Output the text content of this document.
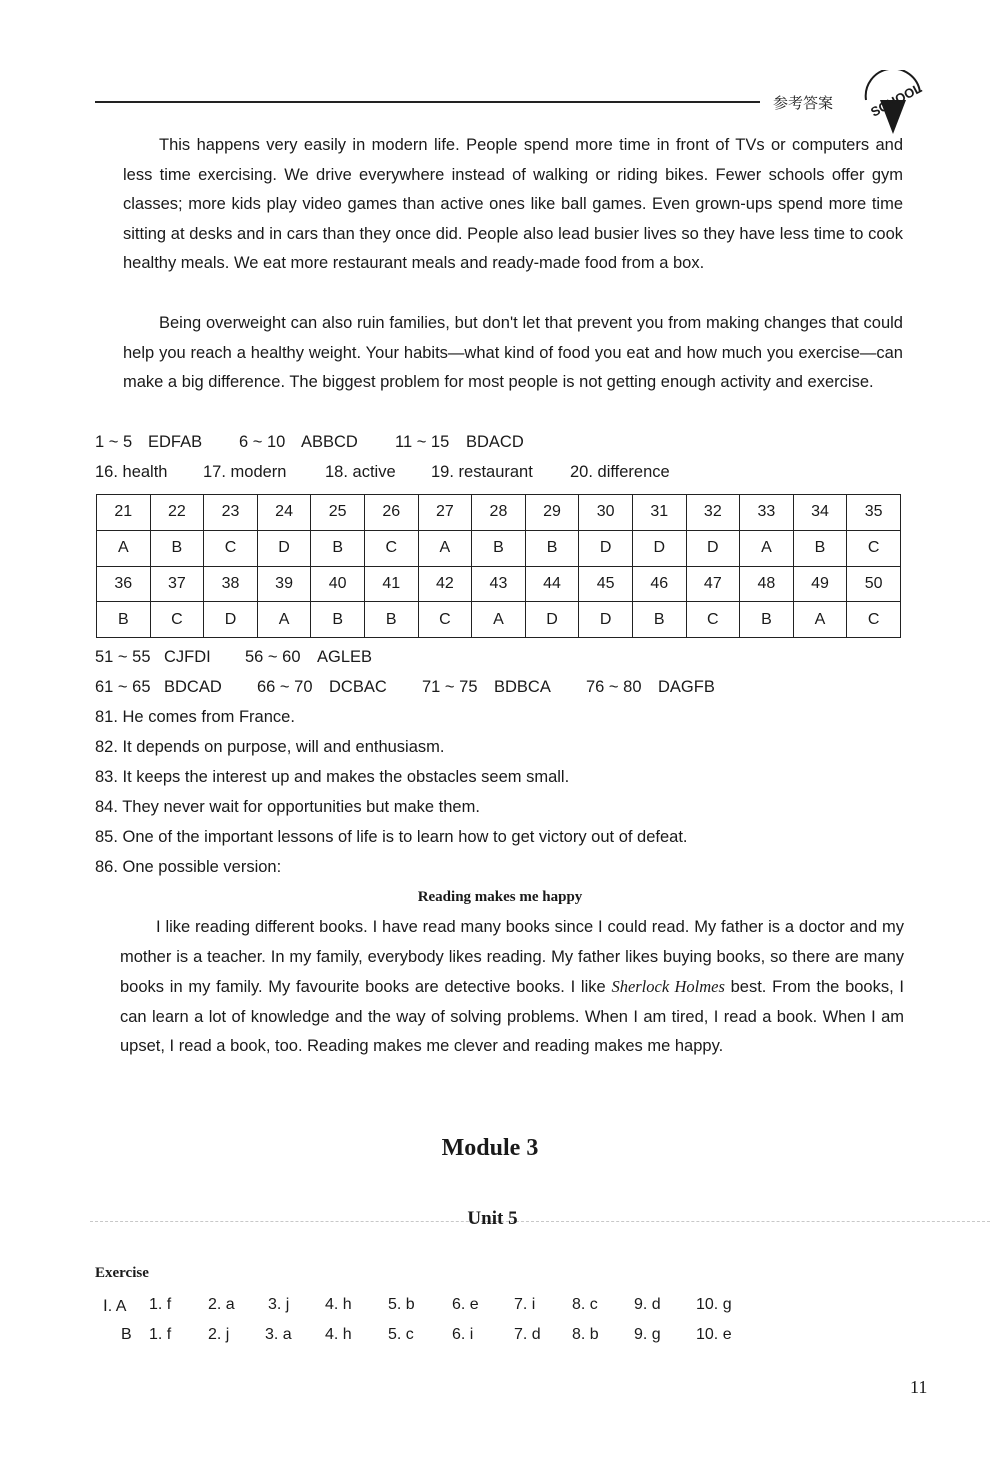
参考答案	SCHOOL
This happens very easily in modern life. People spend more time in front of TVs or computers and less time exercising. We drive everywhere instead of walking or riding bikes. Fewer schools offer gym classes; more kids play video games than active ones like ball games. Even grown-ups spend more time sitting at desks and in cars than they once did. People also lead busier lives so they have less time to cook healthy meals. We eat more restaurant meals and ready-made food from a box.
Being overweight can also ruin families, but don't let that prevent you from making changes that could help you reach a healthy weight. Your habits—what kind of food you eat and how much you exercise—can make a big difference. The biggest problem for most people is not getting enough activity and exercise.
1 ~ 5 EDFAB 6 ~ 10 ABBCD 11 ~ 15 BDACD
16. health 17. modern 18. active 19. restaurant 20. difference
21	22	23	24	25	26	27	28	29	30	31	32	33	34	35
A	B	C	D	B	C	A	B	B	D	D	D	A	B	C
36	37	38	39	40	41	42	43	44	45	46	47	48	49	50
B	C	D	A	B	B	C	A	D	D	B	C	B	A	C
51 ~ 55 CJFDI 56 ~ 60 AGLEB
61 ~ 65 BDCAD 66 ~ 70 DCBAC 71 ~ 75 BDBCA 76 ~ 80 DAGFB
81. He comes from France.
82. It depends on purpose, will and enthusiasm.
83. It keeps the interest up and makes the obstacles seem small.
84. They never wait for opportunities but make them.
85. One of the important lessons of life is to learn how to get victory out of defeat.
86. One possible version:
Reading makes me happy
I like reading different books. I have read many books since I could read. My father is a doctor and my mother is a teacher. In my family, everybody likes reading. My father likes buying books, so there are many books in my family. My favourite books are detective books. I like Sherlock Holmes best. From the books, I can learn a lot of knowledge and the way of solving problems. When I am tired, I read a book. When I am upset, I read a book, too. Reading makes me clever and reading makes me happy.
Module 3
Unit 5
Exercise
Ⅰ. A 1. f 2. a 3. j 4. h 5. b 6. e 7. i 8. c 9. d 10. g
B 1. f 2. j 3. a 4. h 5. c 6. i	7. d 8. b 9. g 10. e
11
